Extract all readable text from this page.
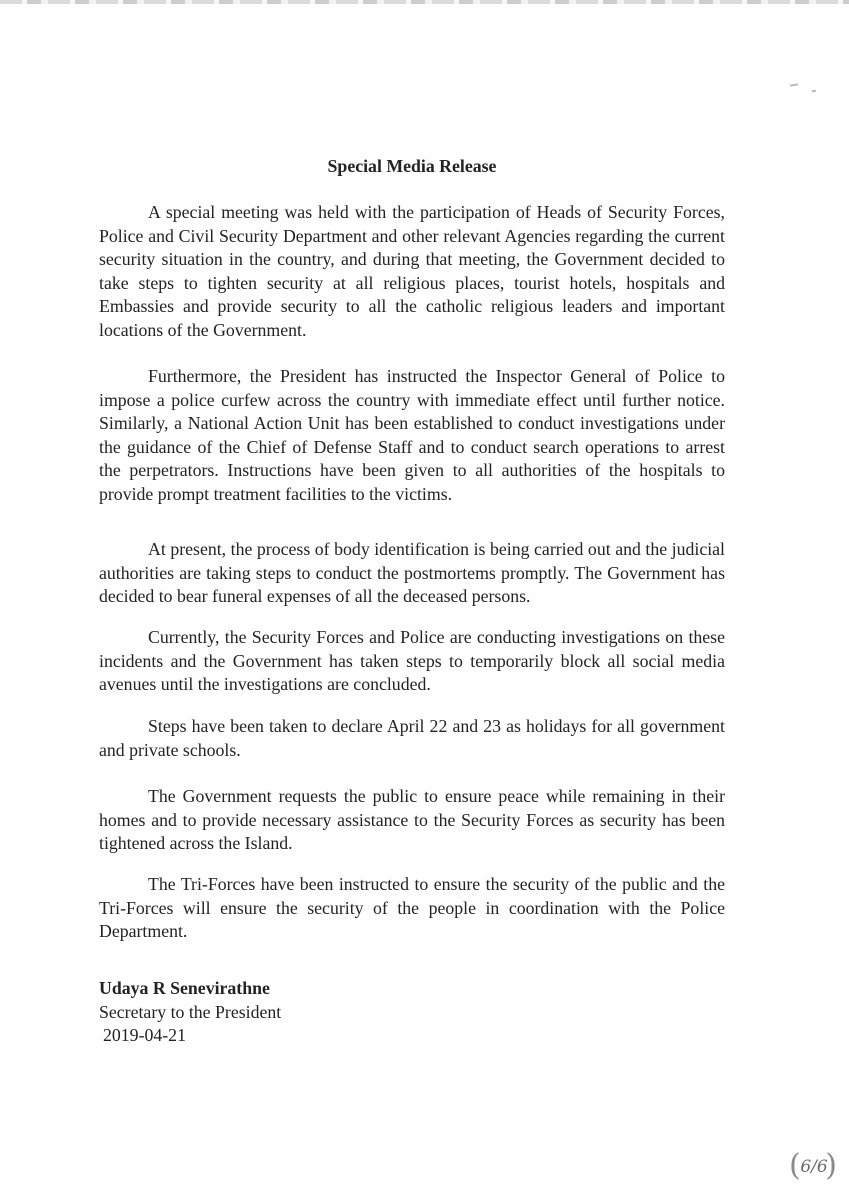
Special Media Release

A special meeting was held with the participation of Heads of Security Forces, Police and Civil Security Department and other relevant Agencies regarding the current security situation in the country, and during that meeting, the Government decided to take steps to tighten security at all religious places, tourist hotels, hospitals and Embassies and provide security to all the catholic religious leaders and important locations of the Government.

Furthermore, the President has instructed the Inspector General of Police to impose a police curfew across the country with immediate effect until further notice. Similarly, a National Action Unit has been established to conduct investigations under the guidance of the Chief of Defense Staff and to conduct search operations to arrest the perpetrators. Instructions have been given to all authorities of the hospitals to provide prompt treatment facilities to the victims.

At present, the process of body identification is being carried out and the judicial authorities are taking steps to conduct the postmortems promptly. The Government has decided to bear funeral expenses of all the deceased persons.

Currently, the Security Forces and Police are conducting investigations on these incidents and the Government has taken steps to temporarily block all social media avenues until the investigations are concluded.

Steps have been taken to declare April 22 and 23 as holidays for all government and private schools.

The Government requests the public to ensure peace while remaining in their homes and to provide necessary assistance to the Security Forces as security has been tightened across the Island.

The Tri-Forces have been instructed to ensure the security of the public and the Tri-Forces will ensure the security of the people in coordination with the Police Department.

Udaya R Senevirathne
Secretary to the President
2019-04-21
( 6/6 )
